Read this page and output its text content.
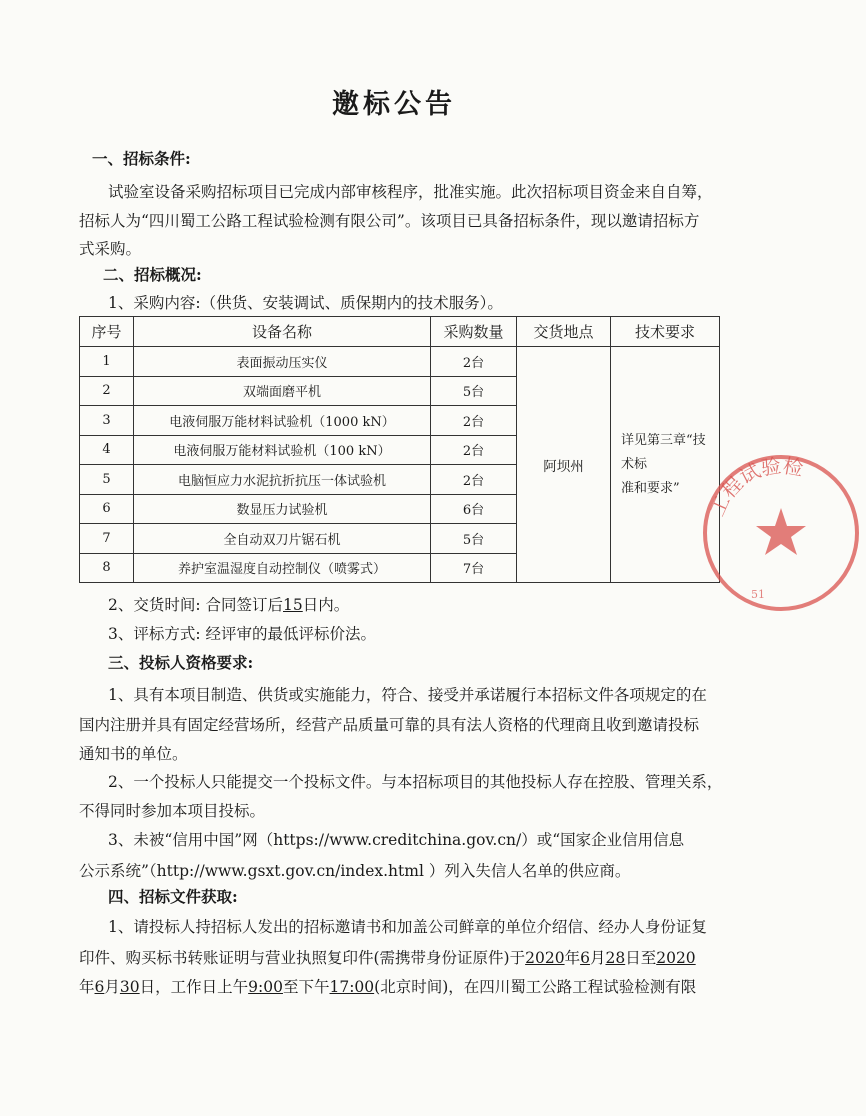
邀标公告
一、招标条件:
试验室设备采购招标项目已完成内部审核程序，批准实施。此次招标项目资金来自自筹，
招标人为“四川蜀工公路工程试验检测有限公司”。该项目已具备招标条件，现以邀请招标方
式采购。
二、招标概况:
1、采购内容:（供货、安装调试、质保期内的技术服务）。
序号	设备名称	采购数量	交货地点	技术要求
1	表面振动压实仪	2台	阿坝州	详见第三章“技术标
准和要求”
2	双端面磨平机	5台		
3	电液伺服万能材料试验机（1000 kN）	2台		
4	电液伺服万能材料试验机（100 kN）	2台		
5	电脑恒应力水泥抗折抗压一体试验机	2台		
6	数显压力试验机	6台		
7	全自动双刀片锯石机	5台		
8	养护室温湿度自动控制仪（喷雾式）	7台		
2、交货时间: 合同签订后15日内。
3、评标方式: 经评审的最低评标价法。
三、投标人资格要求:
1、具有本项目制造、供货或实施能力，符合、接受并承诺履行本招标文件各项规定的在
国内注册并具有固定经营场所，经营产品质量可靠的具有法人资格的代理商且收到邀请投标
通知书的单位。
2、一个投标人只能提交一个投标文件。与本招标项目的其他投标人存在控股、管理关系，
不得同时参加本项目投标。
3、未被“信用中国”网（https://www.creditchina.gov.cn/）或“国家企业信用信息
公示系统”（http://www.gsxt.gov.cn/index.html ）列入失信人名单的供应商。
四、招标文件获取:
1、请投标人持招标人发出的招标邀请书和加盖公司鲜章的单位介绍信、经办人身份证复
印件、购买标书转账证明与营业执照复印件(需携带身份证原件)于2020年6月28日至2020
年6月30日，工作日上午9:00至下午17:00(北京时间)，在四川蜀工公路工程试验检测有限
工程试验检
51
